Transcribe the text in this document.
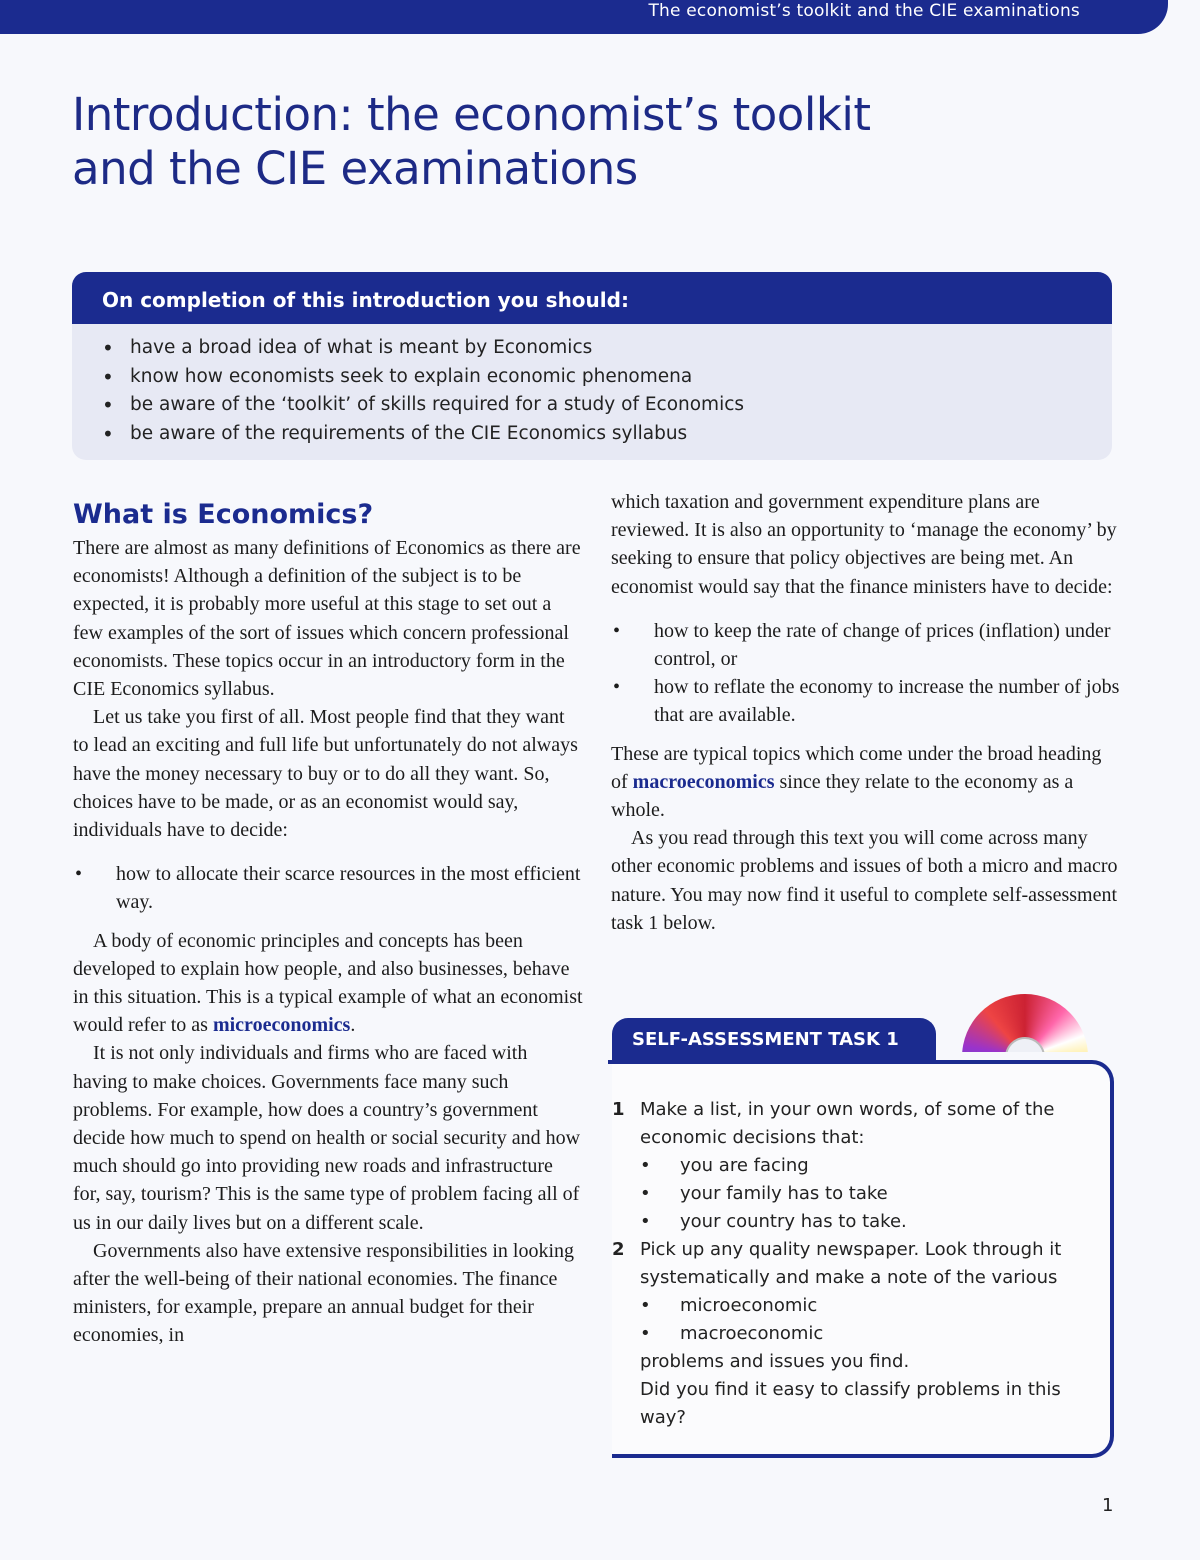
The economist’s toolkit and the CIE examinations
Introduction: the economist’s toolkit
and the CIE examinations
On completion of this introduction you should:
• have a broad idea of what is meant by Economics
• know how economists seek to explain economic phenomena
• be aware of the ‘toolkit’ of skills required for a study of Economics
• be aware of the requirements of the CIE Economics syllabus
What is Economics?

There are almost as many definitions of Economics as there are economists! Although a definition of the subject is to be expected, it is probably more useful at this stage to set out a few examples of the sort of issues which concern professional economists. These topics occur in an introductory form in the CIE Economics syllabus.

Let us take you first of all. Most people find that they want to lead an exciting and full life but unfortunately do not always have the money necessary to buy or to do all they want. So, choices have to be made, or as an economist would say, individuals have to decide:

• how to allocate their scarce resources in the most efficient way.

A body of economic principles and concepts has been developed to explain how people, and also businesses, behave in this situation. This is a typical example of what an economist would refer to as microeconomics.

It is not only individuals and firms who are faced with having to make choices. Governments face many such problems. For example, how does a country’s government decide how much to spend on health or social security and how much should go into providing new roads and infrastructure for, say, tourism? This is the same type of problem facing all of us in our daily lives but on a different scale.

Governments also have extensive responsibilities in looking after the well-being of their national economies. The finance ministers, for example, prepare an annual budget for their economies, in

which taxation and government expenditure plans are reviewed. It is also an opportunity to ‘manage the economy’ by seeking to ensure that policy objectives are being met. An economist would say that the finance ministers have to decide:

• how to keep the rate of change of prices (inflation) under control, or
• how to reflate the economy to increase the number of jobs that are available.

These are typical topics which come under the broad heading of macroeconomics since they relate to the economy as a whole.

As you read through this text you will come across many other economic problems and issues of both a micro and macro nature. You may now find it useful to complete self-assessment task 1 below.

SELF-ASSESSMENT TASK 1
1 Make a list, in your own words, of some of the economic decisions that:
• you are facing
• your family has to take
• your country has to take.
2 Pick up any quality newspaper. Look through it systematically and make a note of the various
• microeconomic
• macroeconomic
problems and issues you find.
Did you find it easy to classify problems in this way?
1
